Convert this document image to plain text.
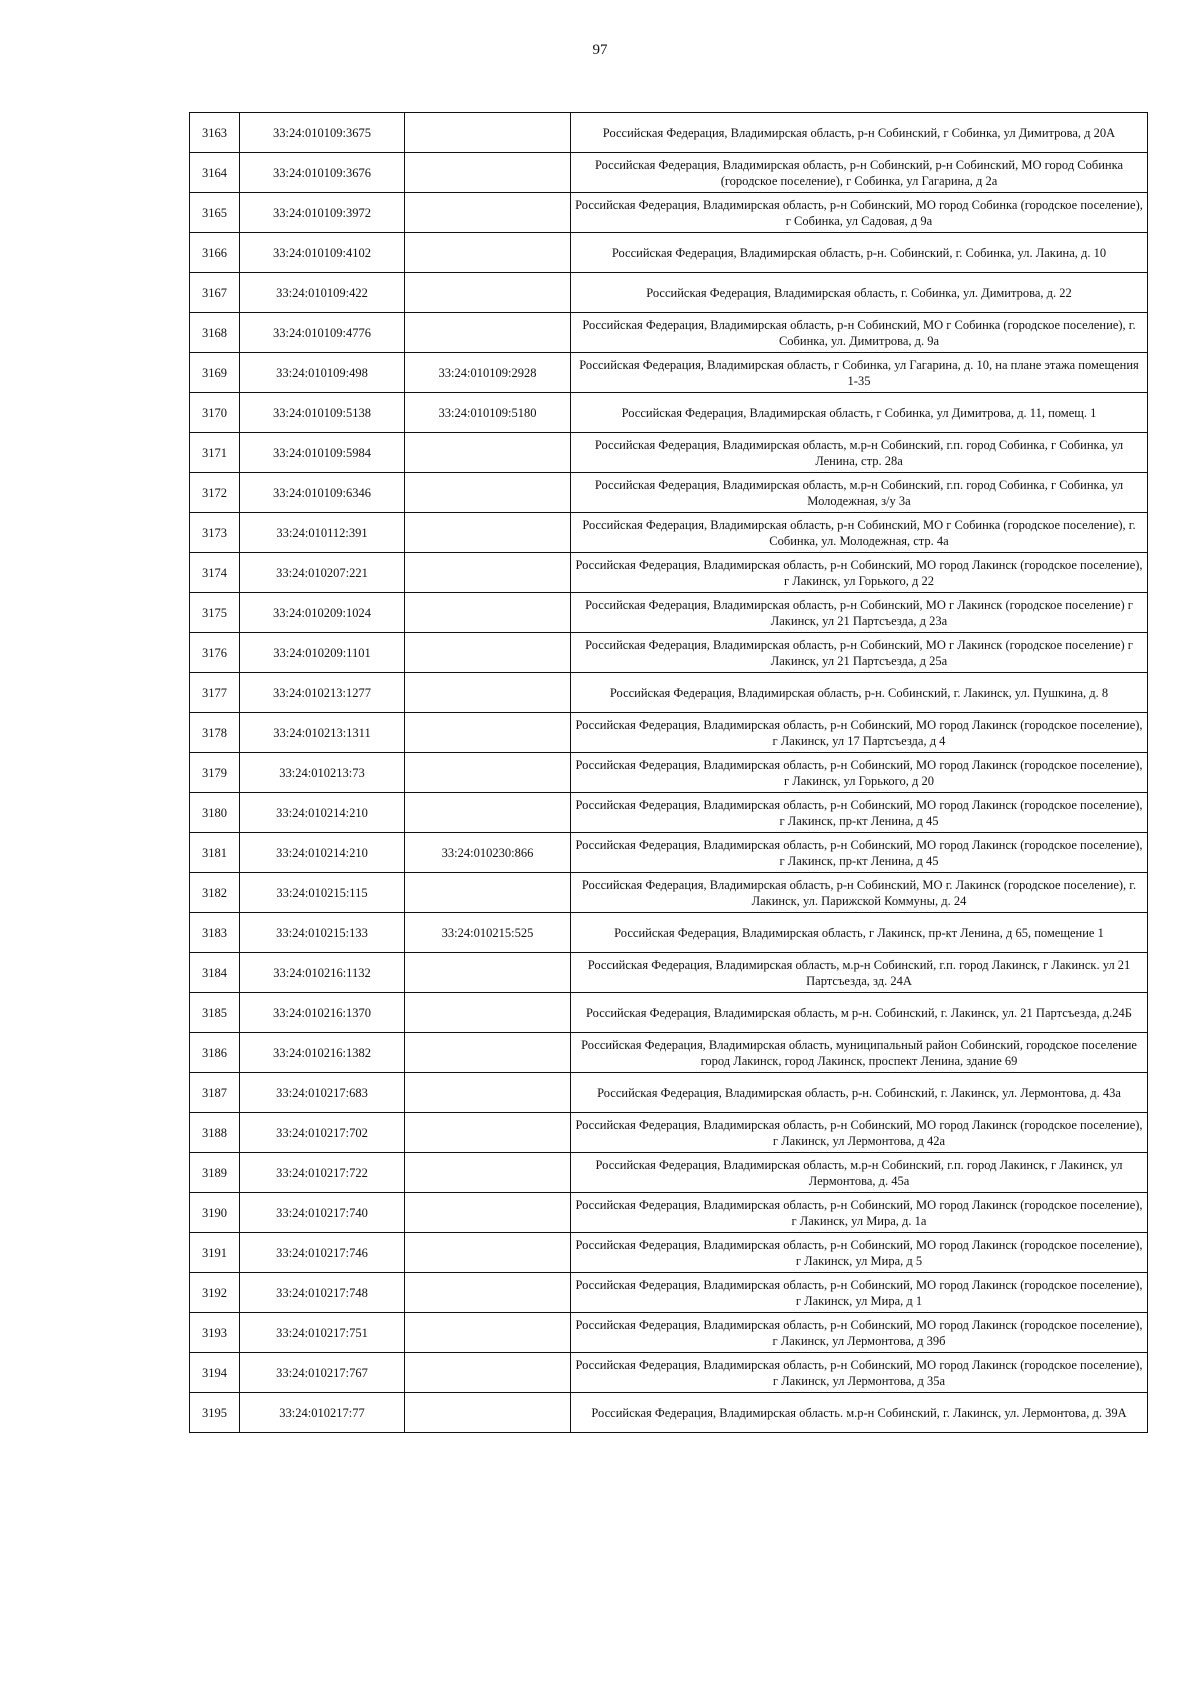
97
3163	33:24:010109:3675		Российская Федерация, Владимирская область, р-н Собинский, г Собинка, ул Димитрова, д 20А
3164	33:24:010109:3676		Российская Федерация, Владимирская область, р-н Собинский, р-н Собинский, МО город Собинка (городское поселение), г Собинка, ул Гагарина, д 2а
3165	33:24:010109:3972		Российская Федерация, Владимирская область, р-н Собинский, МО город Собинка (городское поселение), г Собинка, ул Садовая, д 9а
3166	33:24:010109:4102		Российская Федерация, Владимирская область, р-н. Собинский, г. Собинка, ул. Лакина, д. 10
3167	33:24:010109:422		Российская Федерация, Владимирская область, г. Собинка, ул. Димитрова, д. 22
3168	33:24:010109:4776		Российская Федерация, Владимирская область, р-н Собинский, МО г Собинка (городское поселение), г. Собинка, ул. Димитрова, д. 9а
3169	33:24:010109:498	33:24:010109:2928	Российская Федерация, Владимирская область, г Собинка, ул Гагарина, д. 10, на плане этажа помещения 1-35
3170	33:24:010109:5138	33:24:010109:5180	Российская Федерация, Владимирская область, г Собинка, ул Димитрова, д. 11, помещ. 1
3171	33:24:010109:5984		Российская Федерация, Владимирская область, м.р-н Собинский, г.п. город Собинка, г Собинка, ул Ленина, стр. 28а
3172	33:24:010109:6346		Российская Федерация, Владимирская область, м.р-н Собинский, г.п. город Собинка, г Собинка, ул Молодежная, з/у 3а
3173	33:24:010112:391		Российская Федерация, Владимирская область, р-н Собинский, МО г Собинка (городское поселение), г. Собинка, ул. Молодежная, стр. 4а
3174	33:24:010207:221		Российская Федерация, Владимирская область, р-н Собинский, МО город Лакинск (городское поселение), г Лакинск, ул Горького, д 22
3175	33:24:010209:1024		Российская Федерация, Владимирская область, р-н Собинский, МО г Лакинск (городское поселение) г Лакинск, ул 21 Партсъезда, д 23а
3176	33:24:010209:1101		Российская Федерация, Владимирская область, р-н Собинский, МО г Лакинск (городское поселение) г Лакинск, ул 21 Партсъезда, д 25а
3177	33:24:010213:1277		Российская Федерация, Владимирская область, р-н. Собинский, г. Лакинск, ул. Пушкина, д. 8
3178	33:24:010213:1311		Российская Федерация, Владимирская область, р-н Собинский, МО город Лакинск (городское поселение), г Лакинск, ул 17 Партсъезда, д 4
3179	33:24:010213:73		Российская Федерация, Владимирская область, р-н Собинский, МО город Лакинск (городское поселение), г Лакинск, ул Горького, д 20
3180	33:24:010214:210		Российская Федерация, Владимирская область, р-н Собинский, МО город Лакинск (городское поселение), г Лакинск, пр-кт Ленина, д 45
3181	33:24:010214:210	33:24:010230:866	Российская Федерация, Владимирская область, р-н Собинский, МО город Лакинск (городское поселение), г Лакинск, пр-кт Ленина, д 45
3182	33:24:010215:115		Российская Федерация, Владимирская область, р-н Собинский, МО г. Лакинск (городское поселение), г. Лакинск, ул. Парижской Коммуны, д. 24
3183	33:24:010215:133	33:24:010215:525	Российская Федерация, Владимирская область, г Лакинск, пр-кт Ленина, д 65, помещение 1
3184	33:24:010216:1132		Российская Федерация, Владимирская область, м.р-н Собинский, г.п. город Лакинск, г Лакинск. ул 21 Партсъезда, зд. 24А
3185	33:24:010216:1370		Российская Федерация, Владимирская область, м р-н. Собинский, г. Лакинск, ул. 21 Партсъезда, д.24Б
3186	33:24:010216:1382		Российская Федерация, Владимирская область, муниципальный район Собинский, городское поселение город Лакинск, город Лакинск, проспект Ленина, здание 69
3187	33:24:010217:683		Российская Федерация, Владимирская область, р-н. Собинский, г. Лакинск, ул. Лермонтова, д. 43а
3188	33:24:010217:702		Российская Федерация, Владимирская область, р-н Собинский, МО город Лакинск (городское поселение), г Лакинск, ул Лермонтова, д 42а
3189	33:24:010217:722		Российская Федерация, Владимирская область, м.р-н Собинский, г.п. город Лакинск, г Лакинск, ул Лермонтова, д. 45а
3190	33:24:010217:740		Российская Федерация, Владимирская область, р-н Собинский, МО город Лакинск (городское поселение), г Лакинск, ул Мира, д. 1а
3191	33:24:010217:746		Российская Федерация, Владимирская область, р-н Собинский, МО город Лакинск (городское поселение), г Лакинск, ул Мира, д 5
3192	33:24:010217:748		Российская Федерация, Владимирская область, р-н Собинский, МО город Лакинск (городское поселение), г Лакинск, ул Мира, д 1
3193	33:24:010217:751		Российская Федерация, Владимирская область, р-н Собинский, МО город Лакинск (городское поселение), г Лакинск, ул Лермонтова, д 39б
3194	33:24:010217:767		Российская Федерация, Владимирская область, р-н Собинский, МО город Лакинск (городское поселение), г Лакинск, ул Лермонтова, д 35а
3195	33:24:010217:77		Российская Федерация, Владимирская область. м.р-н Собинский, г. Лакинск, ул. Лермонтова, д. 39А
